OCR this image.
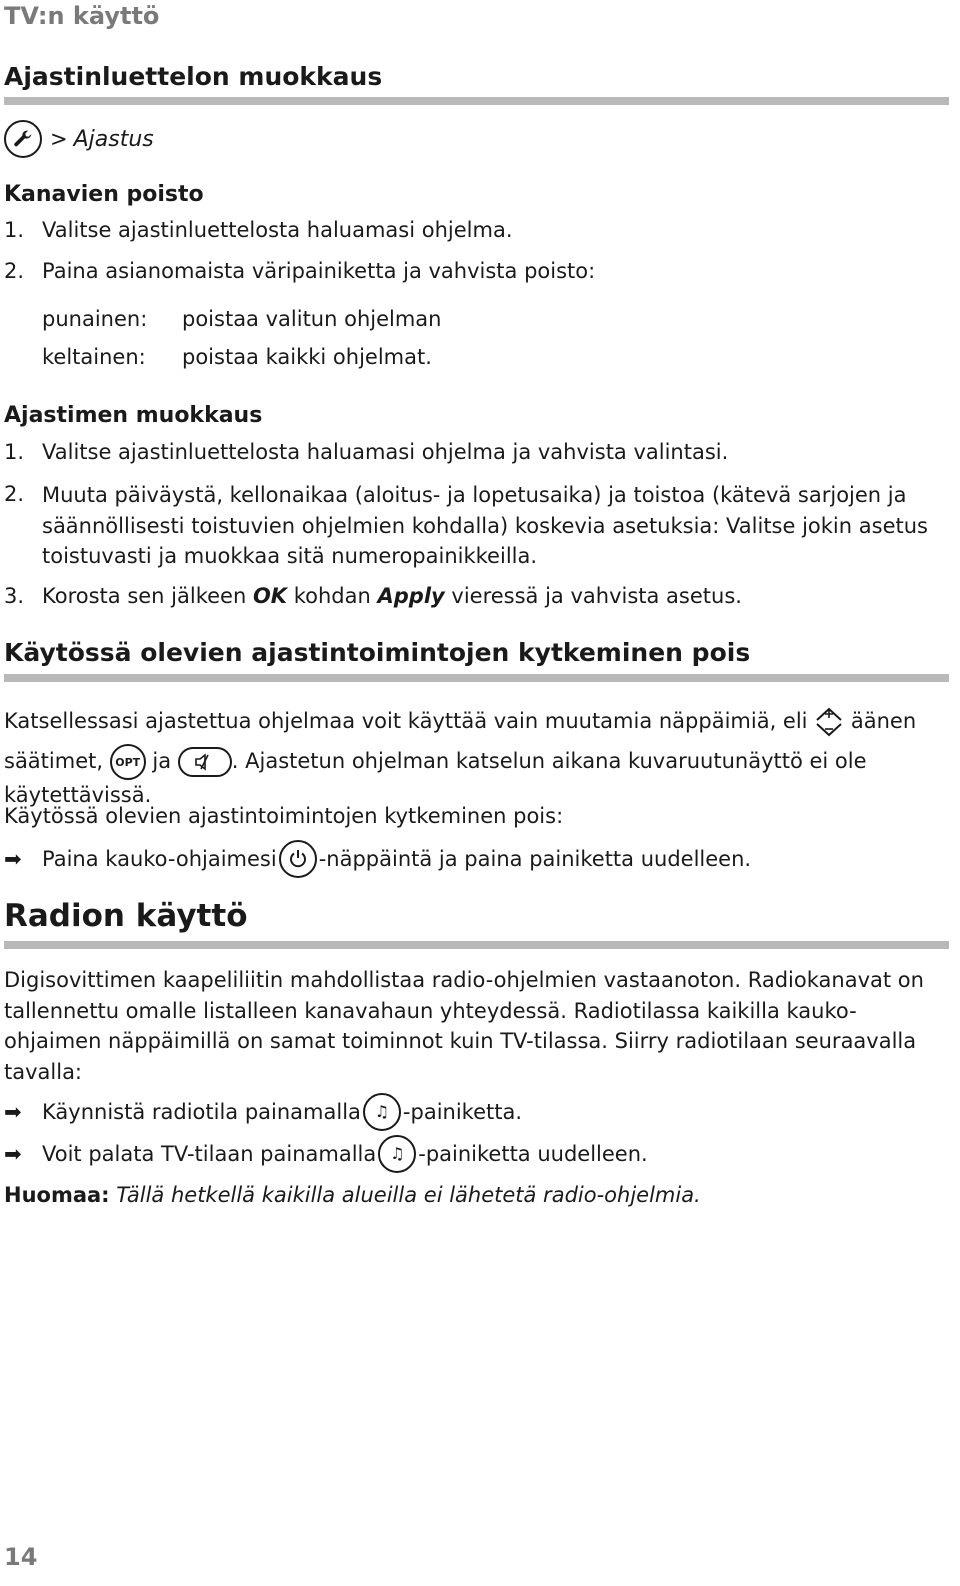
TV:n käyttö
Ajastinluettelon muokkaus
> Ajastus
Kanavien poisto
1. Valitse ajastinluettelosta haluamasi ohjelma.
2. Paina asianomaista väripainiketta ja vahvista poisto:
punainen: poistaa valitun ohjelman
keltainen: poistaa kaikki ohjelmat.
Ajastimen muokkaus
1. Valitse ajastinluettelosta haluamasi ohjelma ja vahvista valintasi.
2. Muuta päiväystä, kellonaikaa (aloitus- ja lopetusaika) ja toistoa (kätevä sarjojen ja säännöllisesti toistuvien ohjelmien kohdalla) koskevia asetuksia: Valitse jokin asetus toistuvasti ja muokkaa sitä numeropainikkeilla.
3. Korosta sen jälkeen OK kohdan Apply vieressä ja vahvista asetus.
Käytössä olevien ajastintoimintojen kytkeminen pois
Katsellessasi ajastettua ohjelmaa voit käyttää vain muutamia näppäimiä, eli  äänen säätimet, OPT ja	. Ajastetun ohjelman katselun aikana kuvaruutunäyttö ei ole käytettävissä.
Käytössä olevien ajastintoimintojen kytkeminen pois:
➡ Paina kauko-ohjaimesi -näppäintä ja paina painiketta uudelleen.
Radion käyttö
Digisovittimen kaapeliliitin mahdollistaa radio-ohjelmien vastaanoton. Radiokanavat on tallennettu omalle listalleen kanavahaun yhteydessä. Radiotilassa kaikilla kauko-ohjaimen näppäimillä on samat toiminnot kuin TV-tilassa. Siirry radiotilaan seuraavalla tavalla:
➡ Käynnistä radiotila painamalla ♫ -painiketta.
➡ Voit palata TV-tilaan painamalla ♫ -painiketta uudelleen.
Huomaa: Tällä hetkellä kaikilla alueilla ei lähetetä radio-ohjelmia.
14
